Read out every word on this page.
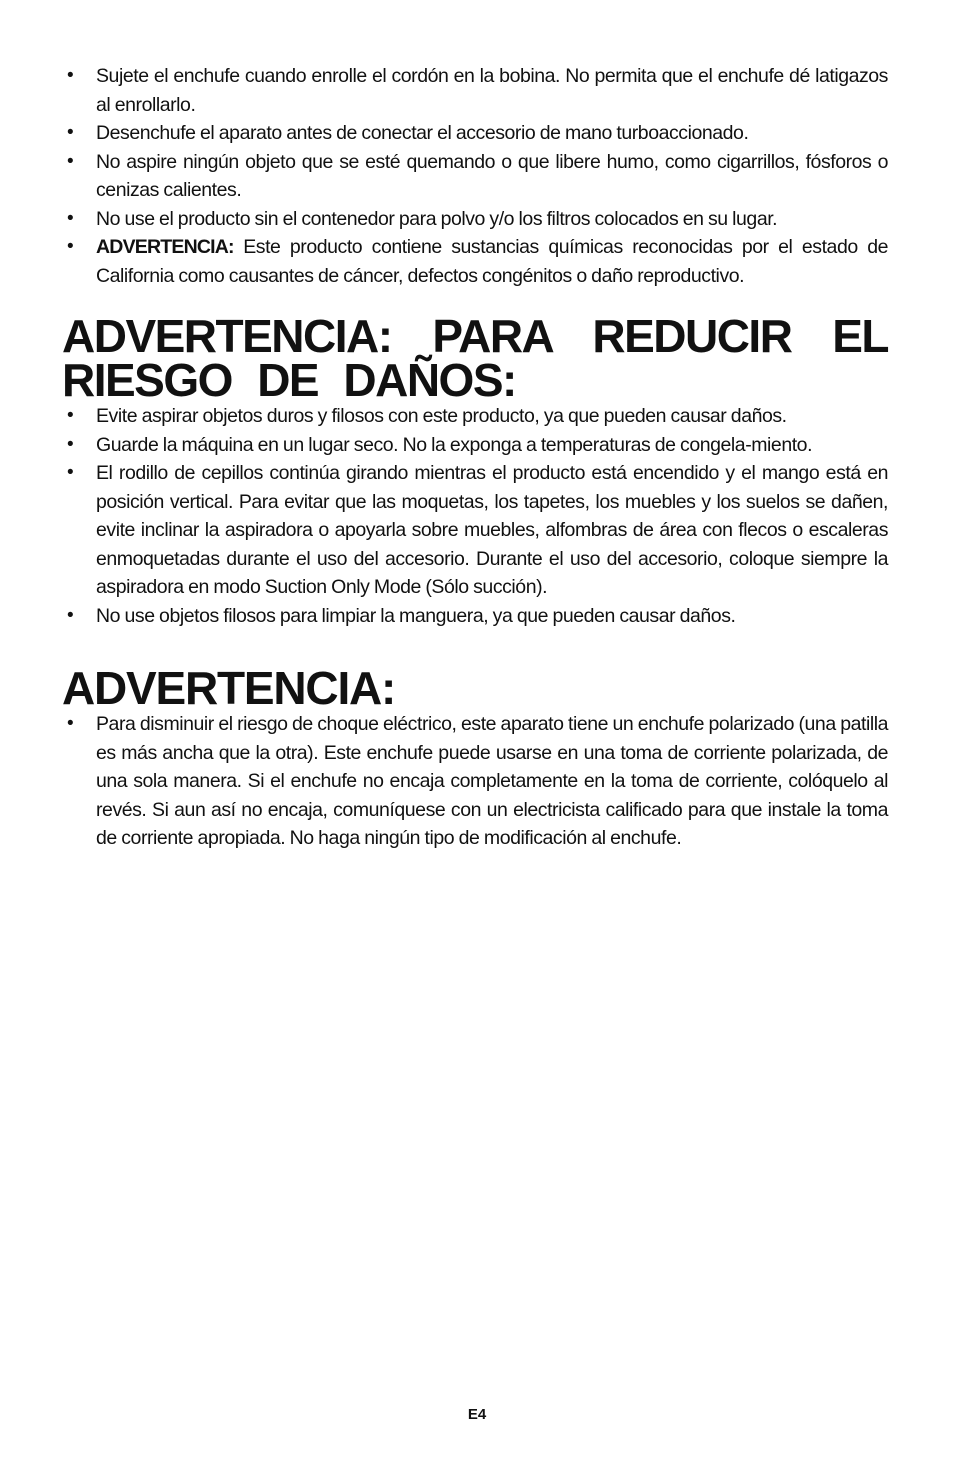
• Sujete el enchufe cuando enrolle el cordón en la bobina. No permita que el enchufe dé latigazos al enrollarlo.
• Desenchufe el aparato antes de conectar el accesorio de mano turboaccionado.
• No aspire ningún objeto que se esté quemando o que libere humo, como cigarrillos, fósforos o cenizas calientes.
• No use el producto sin el contenedor para polvo y/o los filtros colocados en su lugar.
• ADVERTENCIA: Este producto contiene sustancias químicas reconocidas por el estado de California como causantes de cáncer, defectos congénitos o daño reproductivo.
ADVERTENCIA: PARA REDUCIR EL RIESGO DE DAÑOS:
• Evite aspirar objetos duros y filosos con este producto, ya que pueden causar daños.
• Guarde la máquina en un lugar seco. No la exponga a temperaturas de congela-miento.
• El rodillo de cepillos continúa girando mientras el producto está encendido y el mango está en posición vertical. Para evitar que las moquetas, los tapetes, los muebles y los suelos se dañen, evite inclinar la aspiradora o apoyarla sobre muebles, alfombras de área con flecos o escaleras enmoquetadas durante el uso del accesorio. Durante el uso del accesorio, coloque siempre la aspiradora en modo Suction Only Mode (Sólo succión).
• No use objetos filosos para limpiar la manguera, ya que pueden causar daños.
ADVERTENCIA:
• Para disminuir el riesgo de choque eléctrico, este aparato tiene un enchufe polarizado (una patilla es más ancha que la otra). Este enchufe puede usarse en una toma de corriente polarizada, de una sola manera. Si el enchufe no encaja completamente en la toma de corriente, colóquelo al revés. Si aun así no encaja, comuníquese con un electricista calificado para que instale la toma de corriente apropiada. No haga ningún tipo de modificación al enchufe.
E4
